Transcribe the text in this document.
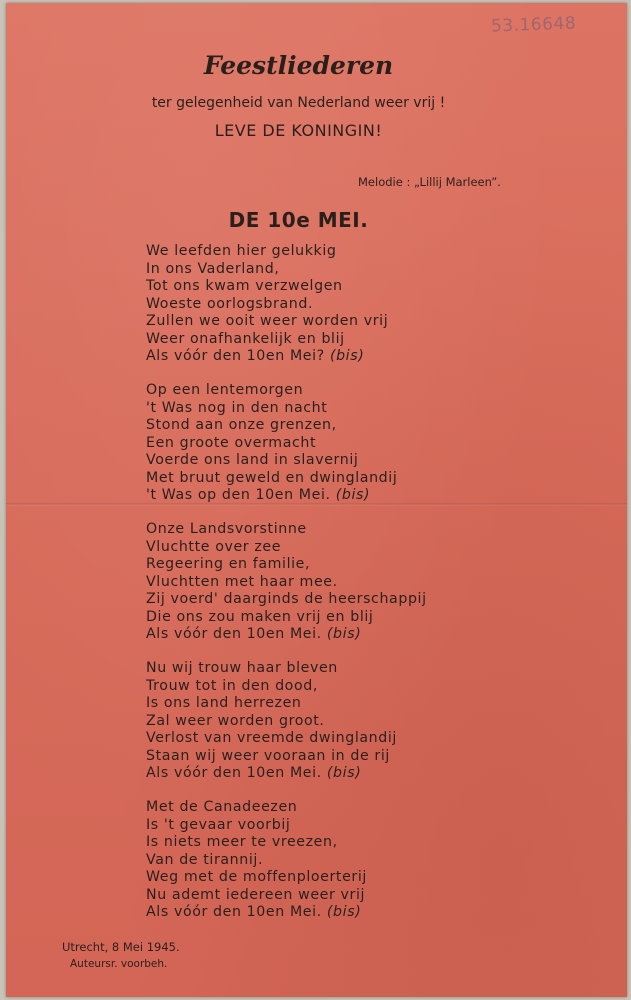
53.16648
Feestliederen
ter gelegenheid van Nederland weer vrij !
LEVE DE KONINGIN!
Melodie : „Lillij Marleen”.
DE 10e MEI.
We leefden hier gelukkig
In ons Vaderland,
Tot ons kwam verzwelgen
Woeste oorlogsbrand.
Zullen we ooit weer worden vrij
Weer onafhankelijk en blij
Als vóór den 10en Mei? (bis)
Op een lentemorgen
't Was nog in den nacht
Stond aan onze grenzen,
Een groote overmacht
Voerde ons land in slavernij
Met bruut geweld en dwinglandij
't Was op den 10en Mei. (bis)
Onze Landsvorstinne
Vluchtte over zee
Regeering en familie,
Vluchtten met haar mee.
Zij voerd' daarginds de heerschappij
Die ons zou maken vrij en blij
Als vóór den 10en Mei. (bis)
Nu wij trouw haar bleven
Trouw tot in den dood,
Is ons land herrezen
Zal weer worden groot.
Verlost van vreemde dwinglandij
Staan wij weer vooraan in de rij
Als vóór den 10en Mei. (bis)
Met de Canadeezen
Is 't gevaar voorbij
Is niets meer te vreezen,
Van de tirannij.
Weg met de moffenploerterij
Nu ademt iedereen weer vrij
Als vóór den 10en Mei. (bis)
Utrecht, 8 Mei 1945.
Auteursr. voorbeh.
